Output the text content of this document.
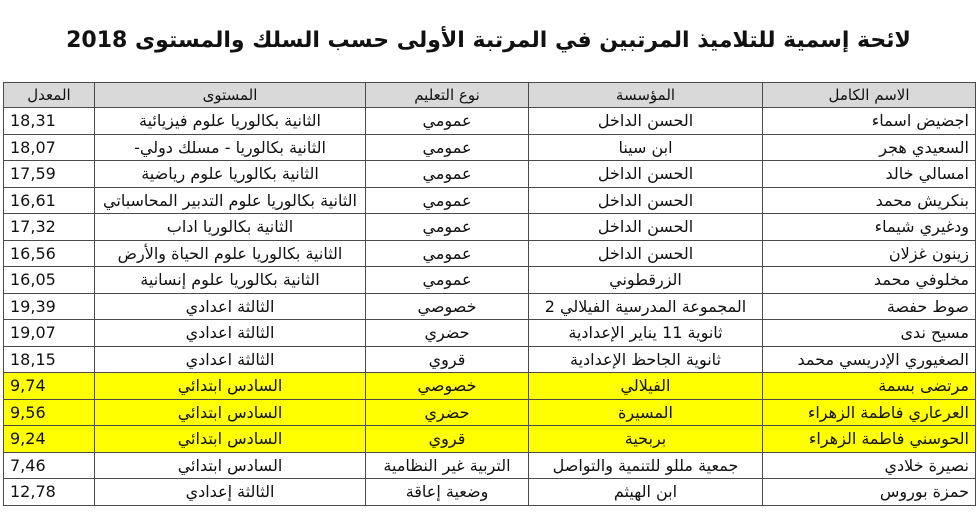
لائحة إسمية للتلاميذ المرتبين في المرتبة الأولى حسب السلك والمستوى 2018
المعدل	المستوى	نوع التعليم	المؤسسة	الاسم الكامل
18,31	الثانية بكالوريا علوم فيزيائية	عمومي	الحسن الداخل	اجضيض اسماء
18,07	الثانية بكالوريا - مسلك دولي-	عمومي	ابن سينا	السعيدي هجر
17,59	الثانية بكالوريا علوم رياضية	عمومي	الحسن الداخل	امسالي خالد
16,61	الثانية بكالوريا علوم التدبير المحاسباتي	عمومي	الحسن الداخل	بنكريش محمد
17,32	الثانية بكالوريا اداب	عمومي	الحسن الداخل	ودغيري شيماء
16,56	الثانية بكالوريا علوم الحياة والأرض	عمومي	الحسن الداخل	زينون غزلان
16,05	الثانية بكالوريا علوم إنسانية	عمومي	الزرقطوني	مخلوفي محمد
19,39	الثالثة اعدادي	خصوصي	المجموعة المدرسية الفيلالي 2	صوط حفصة
19,07	الثالثة اعدادي	حضري	ثانوية 11 يناير الإعدادية	مسيح ندى
18,15	الثالثة اعدادي	قروي	ثانوية الجاحظ الإعدادية	الصغيوري الإدريسي محمد
9,74	السادس ابتدائي	خصوصي	الفيلالي	مرتضى بسمة
9,56	السادس ابتدائي	حضري	المسيرة	العرعاري فاطمة الزهراء
9,24	السادس ابتدائي	قروي	بربحية	الحوسني فاطمة الزهراء
7,46	السادس ابتدائي	التربية غير النظامية	جمعية مللو للتنمية والتواصل	نصيرة خلادي
12,78	الثالثة إعدادي	وضعية إعاقة	ابن الهيثم	حمزة بوروس
